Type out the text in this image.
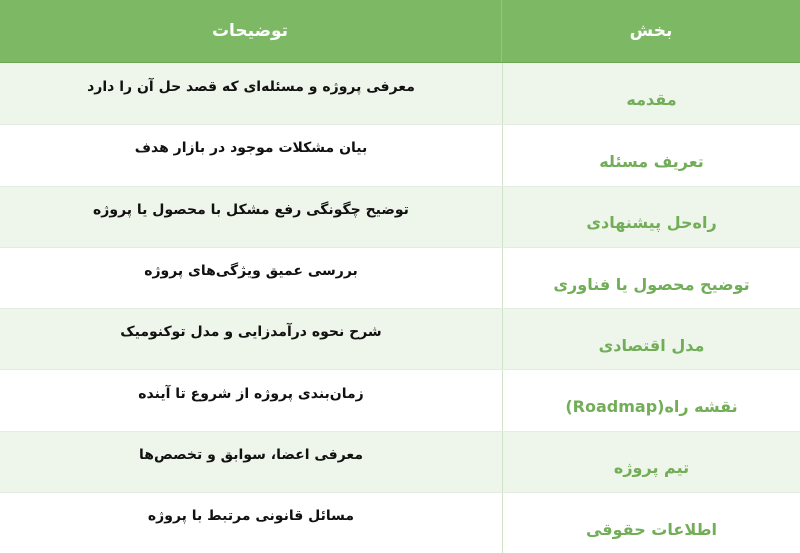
بخش
توضیحات
مقدمه
معرفی پروژه و مسئله‌ای که قصد حل آن را دارد
تعریف مسئله
بیان مشکلات موجود در بازار هدف
راه‌حل پیشنهادی
توضیح چگونگی رفع مشکل با محصول یا پروژه
توضیح محصول یا فناوری
بررسی عمیق ویژگی‌های پروژه
مدل اقتصادی
شرح نحوه درآمدزایی و مدل توکنومیک
نقشه راه(Roadmap)
زمان‌بندی پروژه از شروع تا آینده
تیم پروژه
معرفی اعضا، سوابق و تخصص‌ها
اطلاعات حقوقی
مسائل قانونی مرتبط با پروژه
